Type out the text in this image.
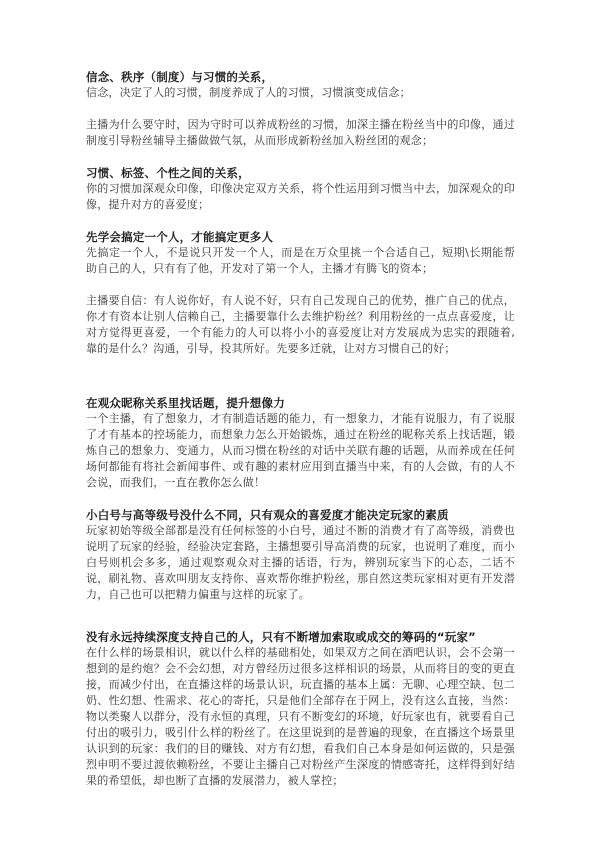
信念、秩序（制度）与习惯的关系，

信念，决定了人的习惯，制度养成了人的习惯，习惯演变成信念；

主播为什么要守时，因为守时可以养成粉丝的习惯，加深主播在粉丝当中的印像，通过制度引导粉丝辅导主播做做气氛，从而形成新粉丝加入粉丝团的观念；

习惯、标签、个性之间的关系，

你的习惯加深观众印像，印像决定双方关系，将个性运用到习惯当中去，加深观众的印像，提升对方的喜爱度；

先学会搞定一个人，才能搞定更多人

先搞定一个人，不是说只开发一个人，而是在万众里挑一个合适自己，短期\长期能帮助自己的人，只有有了他，开发对了第一个人，主播才有腾飞的资本；

主播要自信：有人说你好，有人说不好，只有自己发现自己的优势，推广自己的优点，你才有资本让别人信赖自己，主播要靠什么去维护粉丝？利用粉丝的一点点喜爱度，让对方觉得更喜爱，一个有能力的人可以将小小的喜爱度让对方发展成为忠实的跟随着,靠的是什么？沟通，引导，投其所好。先要多迁就，让对方习惯自己的好；

在观众昵称关系里找话题，提升想像力

一个主播，有了想象力，才有制造话题的能力，有一想象力，才能有说服力，有了说服了才有基本的控场能力，而想象力怎么开始锻炼，通过在粉丝的昵称关系上找话题，锻炼自己的想象力、变通力，从而习惯在粉丝的对话中关联有趣的话题，从而养成在任何场何都能有将社会新闻事件、或有趣的素材应用到直播当中来，有的人会做，有的人不会说，而我们，一直在教你怎么做！

小白号与高等级号没什么不同，只有观众的喜爱度才能决定玩家的素质

玩家初始等级全部都是没有任何标签的小白号，通过不断的消费才有了高等级，消费也说明了玩家的经验，经验决定套路，主播想要引导高消费的玩家，也说明了难度，而小白号则机会多多，通过观察观众对主播的话语，行为，辨别玩家当下的心态，二话不说，刷礼物、喜欢叫朋友支持你、喜欢帮你维护粉丝，那自然这类玩家相对更有开发潜力，自己也可以把精力偏重与这样的玩家了。

没有永远持续深度支持自己的人，只有不断增加索取或成交的筹码的“玩家”

在什么样的场景相识，就以什么样的基础相处，如果双方之间在酒吧认识，会不会第一想到的是约炮？会不会幻想，对方曾经历过很多这样相识的场景，从而将目的变的更直接，而减少付出，在直播这样的场景认识，玩直播的基本上属：无聊、心理空缺、包二奶、性幻想、性需求、花心的寄托，只是他们全部存在于网上，没有这么直接，当然：物以类聚人以群分，没有永恒的真理，只有不断变幻的环境，好玩家也有，就要看自己付出的吸引力，吸引什么样的粉丝了。在这里说到的是普遍的现象，在直播这个场景里认识到的玩家：我们的目的赚钱、对方有幻想，看我们自己本身是如何运做的，只是强烈申明不要过渡依赖粉丝，不要让主播自己对粉丝产生深度的情感寄托，这样得到好结果的希望低，却也断了直播的发展潜力，被人掌控；
